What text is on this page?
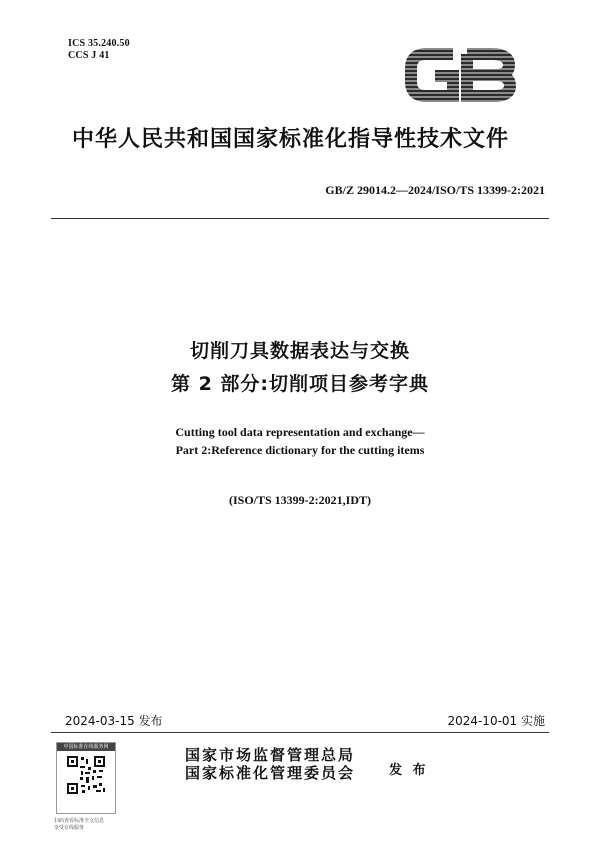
ICS 35.240.50
CCS J 41
中华人民共和国国家标准化指导性技术文件
GB/Z 29014.2—2024/ISO/TS 13399-2:2021
切削刀具数据表达与交换
第 2 部分:切削项目参考字典
Cutting tool data representation and exchange—
Part 2:Reference dictionary for the cutting items
(ISO/TS 13399-2:2021,IDT)
2024-03-15 发布	2024-10-01 实施
中国标准在线服务网
扫码查看标准全文信息
享受在线服务
国家市场监督管理总局
国家标准化管理委员会	发 布
